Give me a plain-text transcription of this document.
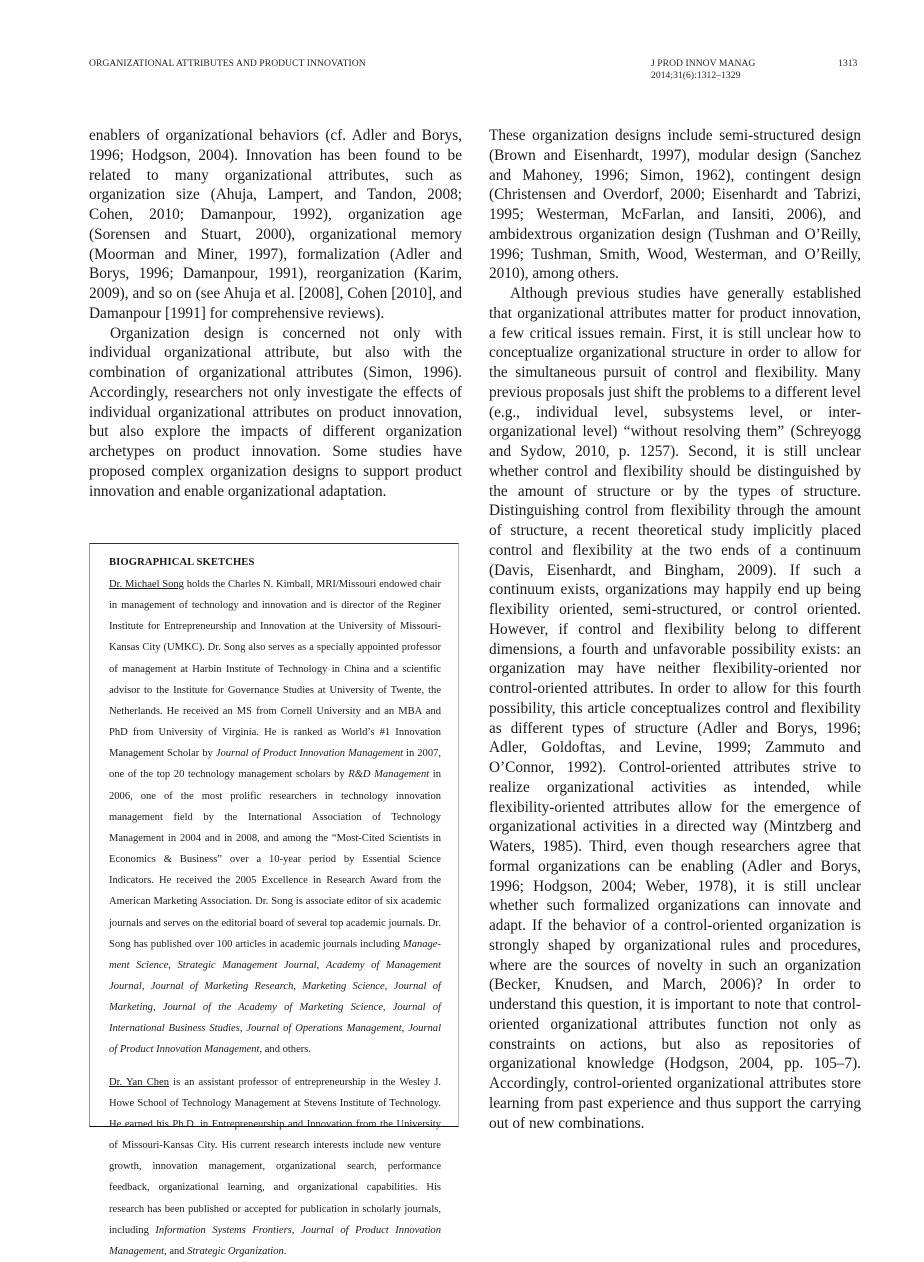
ORGANIZATIONAL ATTRIBUTES AND PRODUCT INNOVATION	J PROD INNOV MANAG
2014;31(6):1312–1329
1313

enablers of organizational behaviors (cf. Adler and Borys, 1996; Hodgson, 2004). Innovation has been found to be related to many organizational attributes, such as organization size (Ahuja, Lampert, and Tandon, 2008; Cohen, 2010; Damanpour, 1992), organization age (Sorensen and Stuart, 2000), organizational memory (Moorman and Miner, 1997), formalization (Adler and Borys, 1996; Damanpour, 1991), reorganization (Karim, 2009), and so on (see Ahuja et al. [2008], Cohen [2010], and Damanpour [1991] for comprehensive reviews).

Organization design is concerned not only with individual organizational attribute, but also with the combination of organizational attributes (Simon, 1996). Accordingly, researchers not only investigate the effects of individual organizational attributes on product innovation, but also explore the impacts of different organization archetypes on product innovation. Some studies have proposed complex organization designs to support product innovation and enable organizational adaptation.

BIOGRAPHICAL SKETCHES

Dr. Michael Song holds the Charles N. Kimball, MRI/Missouri endowed chair in management of technology and innovation and is director of the Reginer Institute for Entrepreneurship and Innovation at the University of Missouri-Kansas City (UMKC). Dr. Song also serves as a specially appointed professor of management at Harbin Institute of Technology in China and a scientific advisor to the Institute for Governance Studies at University of Twente, the Netherlands. He received an MS from Cornell University and an MBA and PhD from University of Virginia. He is ranked as World’s #1 Innovation Management Scholar by Journal of Product Innovation Management in 2007, one of the top 20 technology management scholars by R&D Management in 2006, one of the most prolific researchers in technology innovation management field by the International Association of Technology Management in 2004 and in 2008, and among the “Most-Cited Scientists in Economics & Business” over a 10-year period by Essential Science Indicators. He received the 2005 Excellence in Research Award from the American Marketing Association. Dr. Song is associate editor of six academic journals and serves on the editorial board of several top academic journals. Dr. Song has published over 100 articles in academic journals including Management Science, Strategic Management Journal, Academy of Management Journal, Journal of Marketing Research, Marketing Science, Journal of Marketing, Journal of the Academy of Marketing Science, Journal of International Business Studies, Journal of Operations Management, Journal of Product Innovation Management, and others.

Dr. Yan Chen is an assistant professor of entrepreneurship in the Wesley J. Howe School of Technology Management at Stevens Institute of Technology. He earned his Ph.D. in Entrepreneurship and Innovation from the University of Missouri-Kansas City. His current research interests include new venture growth, innovation management, organizational search, performance feedback, organizational learning, and organizational capabilities. His research has been published or accepted for publication in scholarly journals, including Information Systems Frontiers, Journal of Product Innovation Management, and Strategic Organization.

These organization designs include semi-structured design (Brown and Eisenhardt, 1997), modular design (Sanchez and Mahoney, 1996; Simon, 1962), contingent design (Christensen and Overdorf, 2000; Eisenhardt and Tabrizi, 1995; Westerman, McFarlan, and Iansiti, 2006), and ambidextrous organization design (Tushman and O’Reilly, 1996; Tushman, Smith, Wood, Westerman, and O’Reilly, 2010), among others.

Although previous studies have generally established that organizational attributes matter for product innovation, a few critical issues remain. First, it is still unclear how to conceptualize organizational structure in order to allow for the simultaneous pursuit of control and flexibility. Many previous proposals just shift the problems to a different level (e.g., individual level, subsystems level, or inter-organizational level) “without resolving them” (Schreyogg and Sydow, 2010, p. 1257). Second, it is still unclear whether control and flexibility should be distinguished by the amount of structure or by the types of structure. Distinguishing control from flexibility through the amount of structure, a recent theoretical study implicitly placed control and flexibility at the two ends of a continuum (Davis, Eisenhardt, and Bingham, 2009). If such a continuum exists, organizations may happily end up being flexibility oriented, semi-structured, or control oriented. However, if control and flexibility belong to different dimensions, a fourth and unfavorable possibility exists: an organization may have neither flexibility-oriented nor control-oriented attributes. In order to allow for this fourth possibility, this article conceptualizes control and flexibility as different types of structure (Adler and Borys, 1996; Adler, Goldoftas, and Levine, 1999; Zammuto and O’Connor, 1992). Control-oriented attributes strive to realize organizational activities as intended, while flexibility-oriented attributes allow for the emergence of organizational activities in a directed way (Mintzberg and Waters, 1985). Third, even though researchers agree that formal organizations can be enabling (Adler and Borys, 1996; Hodgson, 2004; Weber, 1978), it is still unclear whether such formalized organizations can innovate and adapt. If the behavior of a control-oriented organization is strongly shaped by organizational rules and procedures, where are the sources of novelty in such an organization (Becker, Knudsen, and March, 2006)? In order to understand this question, it is important to note that control-oriented organizational attributes function not only as constraints on actions, but also as repositories of organizational knowledge (Hodgson, 2004, pp. 105–7). Accordingly, control-oriented organizational attributes store learning from past experience and thus support the carrying out of new combinations.
